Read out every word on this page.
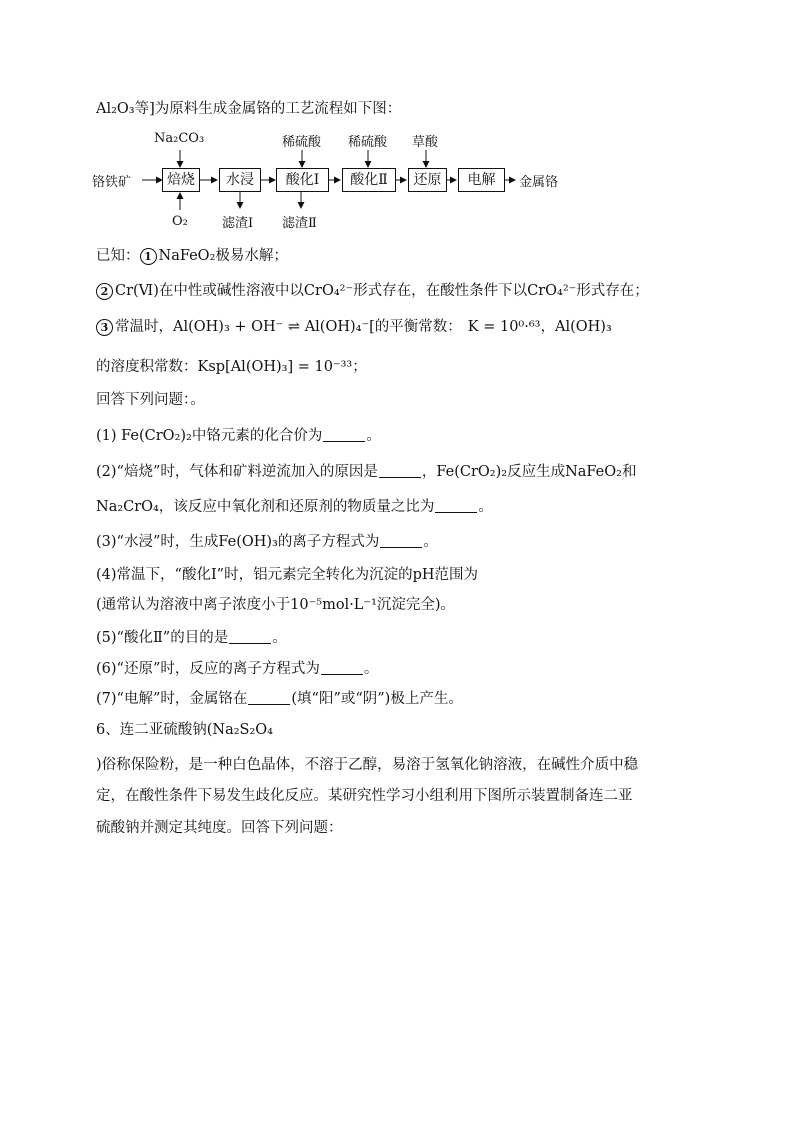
Al₂O₃等]为原料生成金属铬的工艺流程如下图：
铬铁矿	焙烧	水浸	酸化Ⅰ	酸化Ⅱ	还原	电解	金属铬
Na₂CO₃	稀硫酸 稀硫酸 草酸
O₂	滤渣Ⅰ 滤渣Ⅱ
已知： 1 NaFeO₂极易水解；
2 Cr(Ⅵ)在中性或碱性溶液中以CrO₄²⁻形式存在，在酸性条件下以CrO₄²⁻形式存在；
3 常温时，Al(OH)₃ + OH⁻ ⇌ Al(OH)₄⁻[的平衡常数： K = 10⁰·⁶³，Al(OH)₃
的溶度积常数：Ksp[Al(OH)₃] = 10⁻³³；
回答下列问题：。
(1) Fe(CrO₂)₂中铬元素的化合价为	。
(2)“焙烧”时，气体和矿料逆流加入的原因是	，Fe(CrO₂)₂反应生成NaFeO₂和
Na₂CrO₄，该反应中氧化剂和还原剂的物质量之比为	。
(3)“水浸”时，生成Fe(OH)₃的离子方程式为	。
(4)常温下，“酸化Ⅰ”时，铝元素完全转化为沉淀的pH范围为
(通常认为溶液中离子浓度小于10⁻⁵mol·L⁻¹沉淀完全)。
(5)“酸化Ⅱ”的目的是	。
(6)“还原”时，反应的离子方程式为	。
(7)“电解”时，金属铬在	(填“阳”或“阴”)极上产生。
6、连二亚硫酸钠(Na₂S₂O₄
)俗称保险粉，是一种白色晶体，不溶于乙醇，易溶于氢氧化钠溶液，在碱性介质中稳
定，在酸性条件下易发生歧化反应。某研究性学习小组利用下图所示装置制备连二亚
硫酸钠并测定其纯度。回答下列问题：
